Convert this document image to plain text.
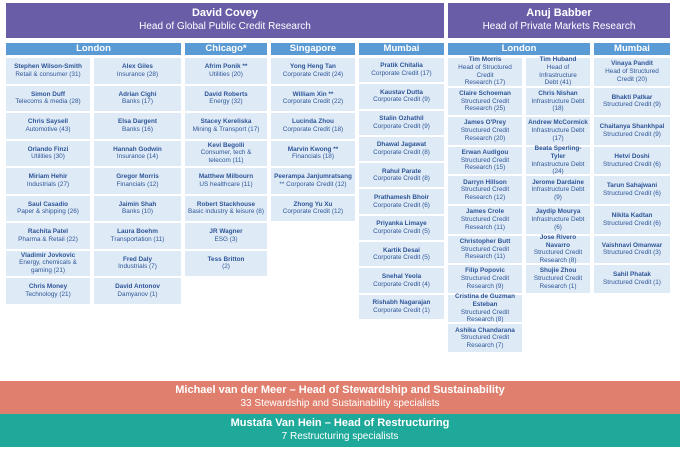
David Covey
Head of Global Public Credit Research
Anuj Babber
Head of Private Markets Research
London	Chicago*	Singapore	Mumbai	London	Mumbai
Stephen Wilson-Smith
Retail & consumer (31)
Simon Duff
Telecoms & media (28)
Chris Saysell
Automotive (43)
Orlando Finzi
Utilities (30)
Miriam Hehir
Industrials (27)
Saul Casadio
Paper & shipping (26)
Rachita Patel
Pharma & Retail (22)
Vladimir Jovkovic
Energy, chemicals &
gaming (21)
Chris Money
Technology (21)
Alex Giles
Insurance (28)
Adrian Cighi
Banks (17)
Elsa Dargent
Banks (16)
Hannah Godwin
Insurance (14)
Gregor Morris
Financials (12)
Jaimin Shah
Banks (10)
Laura Boehm
Transportation (11)
Fred Daly
Industrials (7)
David Antonov
Damyanov (1)
Afrim Ponik **
Utilities (20)
David Roberts
Energy (32)
Stacey Kereliska
Mining & Transport (17)
Kevi Begolli
Consumer, tech &
telecom (11)
Matthew Milbourn
US healthcare (11)
Robert Stackhouse
Basic industry & leisure (8)
JR Wagner
ESG (3)
Tess Britton
(2)
Yong Heng Tan
Corporate Credit (24)
William Xin **
Corporate Credit (22)
Lucinda Zhou
Corporate Credit (18)
Marvin Kwong **
Financials (18)
Peerampa Janjumratsang
** Corporate Credit (12)
Zhong Yu Xu
Corporate Credit (12)
Pratik Chitalia
Corporate Credit (17)
Kaustav Dutta
Corporate Credit (9)
Stalin Ozhathil
Corporate Credit (9)
Dhawal Jagawat
Corporate Credit (8)
Rahul Parate
Corporate Credit (8)
Prathamesh Bhoir
Corporate Credit (6)
Priyanka Limaye
Corporate Credit (5)
Kartik Desai
Corporate Credit (5)
Snehal Yeola
Corporate Credit (4)
Rishabh Nagarajan
Corporate Credit (1)
Tim Morris
Head of Structured Credit
Research (17)
Claire Schoeman
Structured Credit
Research (25)
James O'Prey
Structured Credit
Research (20)
Erwan Audigou
Structured Credit
Research (15)
Darryn Hillson
Structured Credit
Research (12)
James Crole
Structured Credit
Research (11)
Christopher Butt
Structured Credit
Research (11)
Filip Popovic
Structured Credit
Research (9)
Cristina de Guzman Esteban
Structured Credit
Research (8)
Ashika Chandarana
Structured Credit
Research (7)
Tim Huband
Head of Infrastructure
Debt (41)
Chris Nishan
Infrastructure Debt (18)
Andrew McCormick
Infrastructure Debt (17)
Beata Sperling-Tyler
Infrastructure Debt (24)
Jerome Dardaine
Infrastructure Debt (9)
Jaydip Mourya
Infrastructure Debt (6)
Jose Rivero Navarro
Structured Credit
Research (8)
Shujie Zhou
Structured Credit
Research (1)
Vinaya Pandit
Head of Structured
Credit (20)
Bhakti Patkar
Structured Credit (9)
Chaitanya Shankhpal
Structured Credit (9)
Hetvi Doshi
Structured Credit (6)
Tarun Sahajwani
Structured Credit (6)
Nikita Kadtan
Structured Credit (6)
Vaishnavi Omanwar
Structured Credit (3)
Sahil Phatak
Structured Credit (1)
Michael van der Meer – Head of Stewardship and Sustainability
33 Stewardship and Sustainability specialists
Mustafa Van Hein – Head of Restructuring
7 Restructuring specialists
